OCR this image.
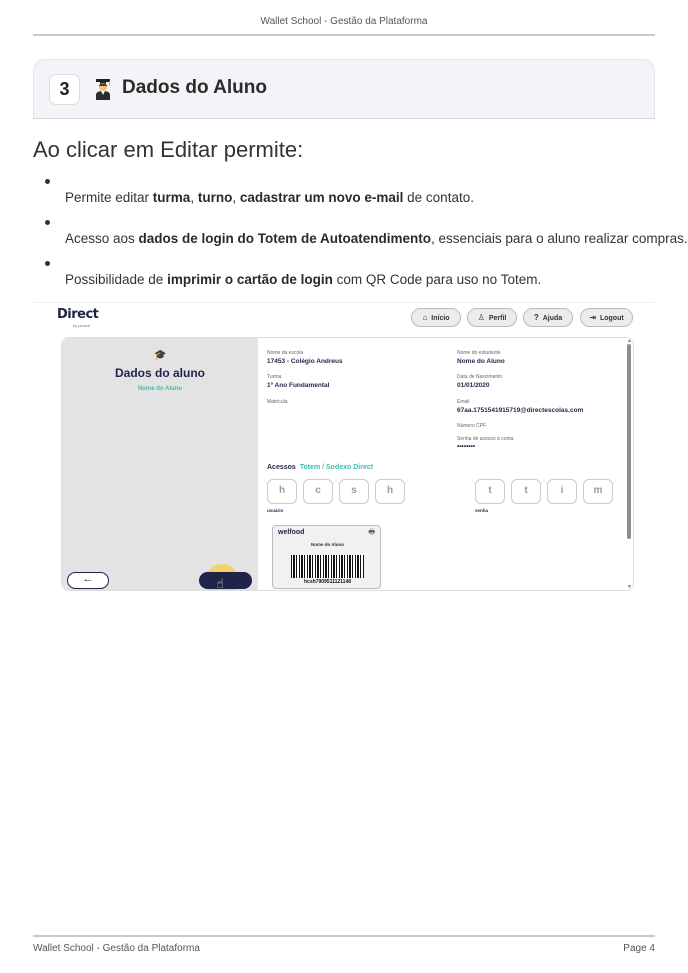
Wallet School - Gestão da Plataforma
3	Dados do Aluno
Ao clicar em Editar permite:
Permite editar turma, turno, cadastrar um novo e-mail de contato.
Acesso aos dados de login do Totem de Autoatendimento, essenciais para o aluno realizar compras.
Possibilidade de imprimir o cartão de login com QR Code para uso no Totem.
Direct
by pluxee
⌂ Início	♙ Perfil	? Ajuda	⇥ Logout
🎓
Dados do aluno
Nome do Aluno
←	☝
Nome da escola
17453 - Colégio Andreus
Turma
1º Ano Fundamental
Matrícula
Nome do estudante
Nome do Aluno
Data de Nascimento
01/01/2020
Email
67aa.1751541915719@directescolas.com
Número CPF
Senha de acesso à conta
••••••••
Acessos Totem / Sodexo Direct
h	c	s	h
usuário
t	t	i	m
senha
welfood	🖶
Nome do Aluno
hcsh7909511121148
▲
▼
Wallet School - Gestão da Plataforma	Page 4
